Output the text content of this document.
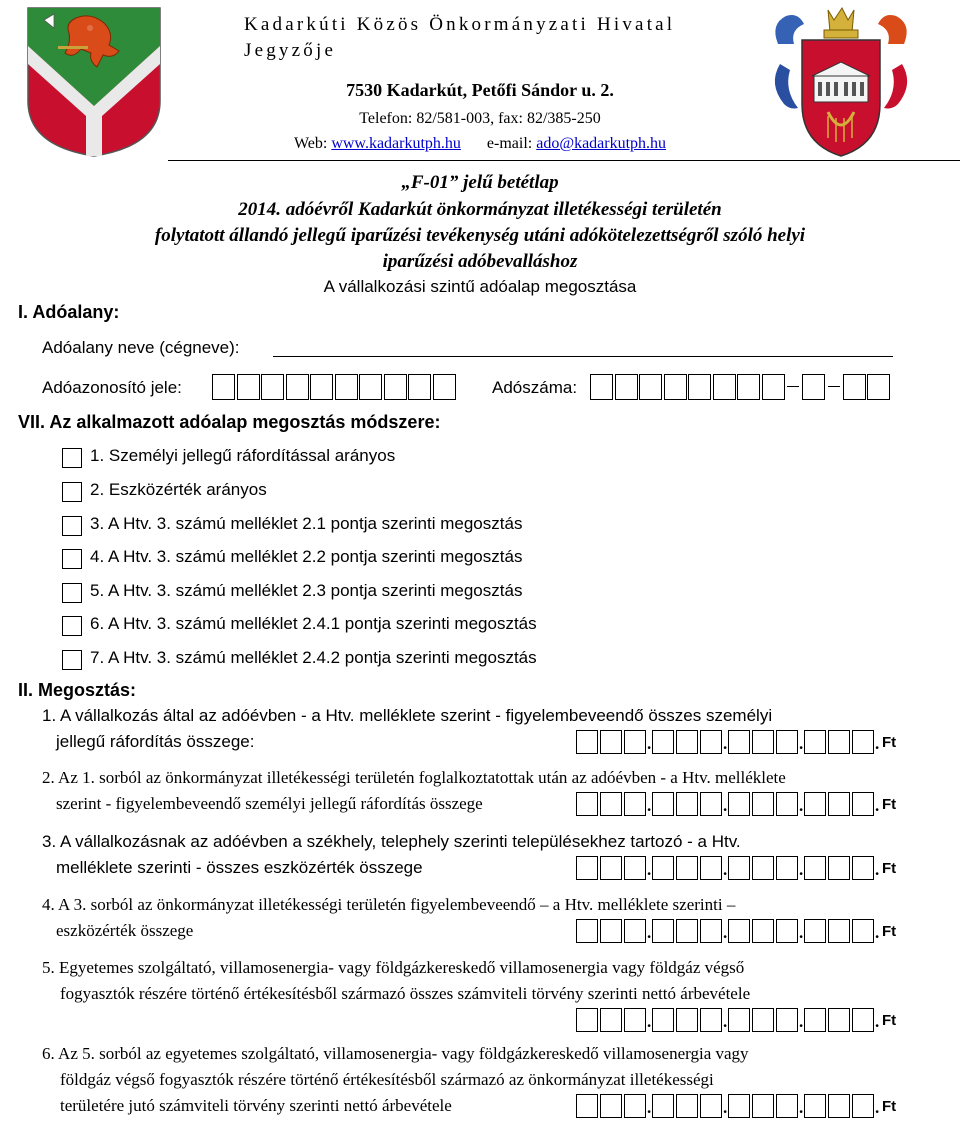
Kadarkúti Közös Önkormányzati Hivatal
Jegyzője
7530 Kadarkút, Petőfi Sándor u. 2.
Telefon: 82/581-003, fax: 82/385-250
Web: www.kadarkutph.hu e-mail: ado@kadarkutph.hu
„F-01” jelű betétlap
2014. adóévről Kadarkút önkormányzat illetékességi területén
folytatott állandó jellegű iparűzési tevékenység utáni adókötelezettségről szóló helyi
iparűzési adóbevalláshoz
A vállalkozási szintű adóalap megosztása
I. Adóalany:
Adóalany neve (cégneve):
Adóazonosító jele:	Adószáma:
VII. Az alkalmazott adóalap megosztás módszere:
1. Személyi jellegű ráfordítással arányos
2. Eszközérték arányos
3. A Htv. 3. számú melléklet 2.1 pontja szerinti megosztás
4. A Htv. 3. számú melléklet 2.2 pontja szerinti megosztás
5. A Htv. 3. számú melléklet 2.3 pontja szerinti megosztás
6. A Htv. 3. számú melléklet 2.4.1 pontja szerinti megosztás
7. A Htv. 3. számú melléklet 2.4.2 pontja szerinti megosztás
II. Megosztás:
1. A vállalkozás által az adóévben - a Htv. melléklete szerint - figyelembeveendő összes személyi
jellegű ráfordítás összege:	.	.	.	. Ft
2. Az 1. sorból az önkormányzat illetékességi területén foglalkoztatottak után az adóévben - a Htv. melléklete
szerint - figyelembeveendő személyi jellegű ráfordítás összege	.	.	.	. Ft
3. A vállalkozásnak az adóévben a székhely, telephely szerinti településekhez tartozó - a Htv.
melléklete szerinti - összes eszközérték összege	.	.	.	. Ft
4. A 3. sorból az önkormányzat illetékességi területén figyelembeveendő – a Htv. melléklete szerinti –
eszközérték összege	.	.	.	. Ft
5. Egyetemes szolgáltató, villamosenergia- vagy földgázkereskedő villamosenergia vagy földgáz végső
fogyasztók részére történő értékesítésből származó összes számviteli törvény szerinti nettó árbevétele
.	.	.	. Ft
6. Az 5. sorból az egyetemes szolgáltató, villamosenergia- vagy földgázkereskedő villamosenergia vagy
földgáz végső fogyasztók részére történő értékesítésből származó az önkormányzat illetékességi
területére jutó számviteli törvény szerinti nettó árbevétele	.	.	.	. Ft
